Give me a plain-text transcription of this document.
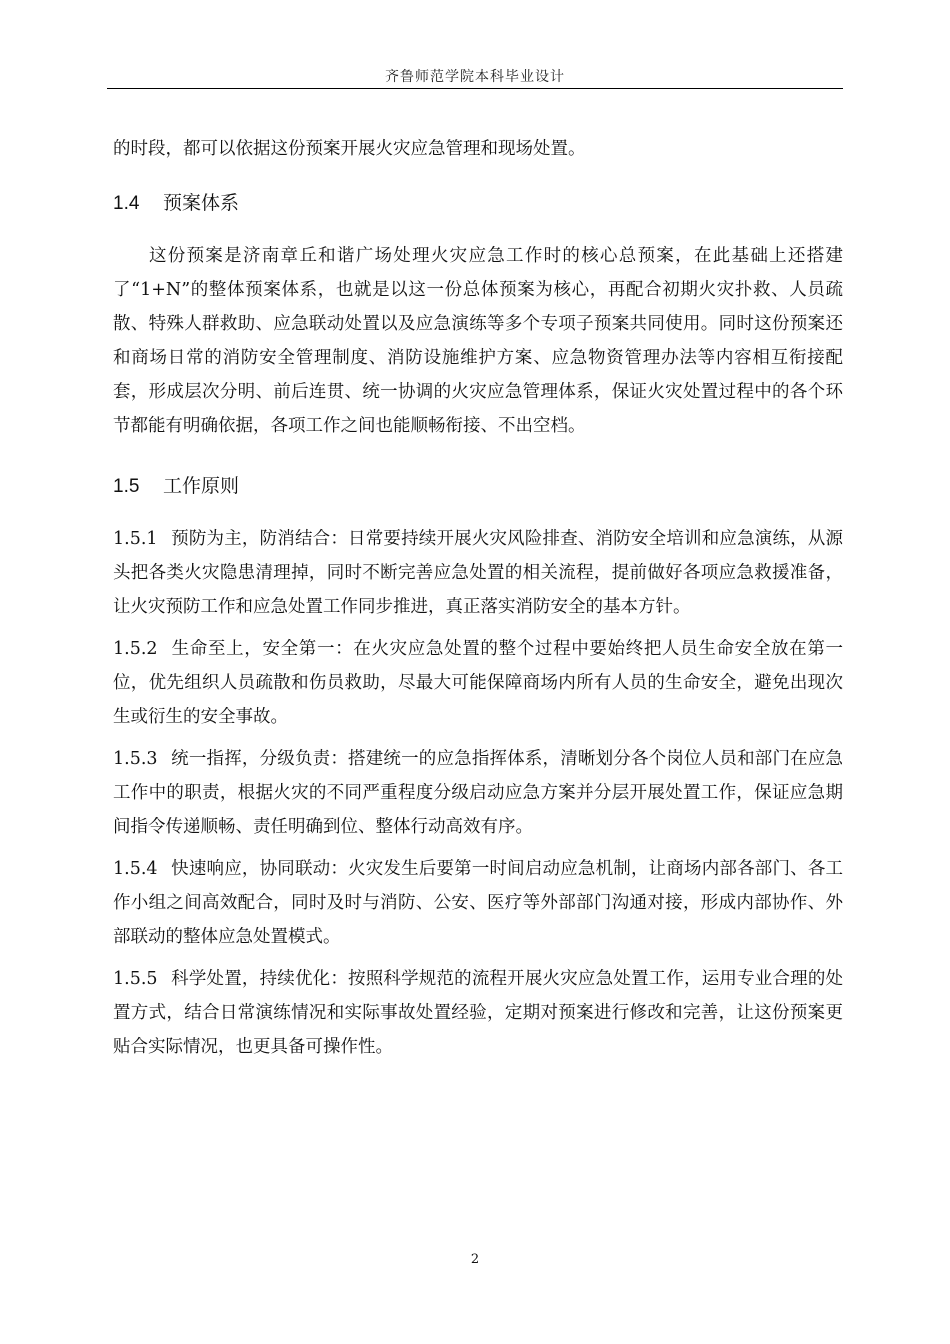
齐鲁师范学院本科毕业设计

的时段，都可以依据这份预案开展火灾应急管理和现场处置。

1.4 预案体系

这份预案是济南章丘和谐广场处理火灾应急工作时的核心总预案，在此基础上还搭建了“1+N”的整体预案体系，也就是以这一份总体预案为核心，再配合初期火灾扑救、人员疏散、特殊人群救助、应急联动处置以及应急演练等多个专项子预案共同使用。同时这份预案还和商场日常的消防安全管理制度、消防设施维护方案、应急物资管理办法等内容相互衔接配套，形成层次分明、前后连贯、统一协调的火灾应急管理体系，保证火灾处置过程中的各个环节都能有明确依据，各项工作之间也能顺畅衔接、不出空档。

1.5 工作原则

1.5.1 预防为主，防消结合：日常要持续开展火灾风险排查、消防安全培训和应急演练，从源头把各类火灾隐患清理掉，同时不断完善应急处置的相关流程，提前做好各项应急救援准备，让火灾预防工作和应急处置工作同步推进，真正落实消防安全的基本方针。

1.5.2 生命至上，安全第一：在火灾应急处置的整个过程中要始终把人员生命安全放在第一位，优先组织人员疏散和伤员救助，尽最大可能保障商场内所有人员的生命安全，避免出现次生或衍生的安全事故。

1.5.3 统一指挥，分级负责：搭建统一的应急指挥体系，清晰划分各个岗位人员和部门在应急工作中的职责，根据火灾的不同严重程度分级启动应急方案并分层开展处置工作，保证应急期间指令传递顺畅、责任明确到位、整体行动高效有序。

1.5.4 快速响应，协同联动：火灾发生后要第一时间启动应急机制，让商场内部各部门、各工作小组之间高效配合，同时及时与消防、公安、医疗等外部部门沟通对接，形成内部协作、外部联动的整体应急处置模式。

1.5.5 科学处置，持续优化：按照科学规范的流程开展火灾应急处置工作，运用专业合理的处置方式，结合日常演练情况和实际事故处置经验，定期对预案进行修改和完善，让这份预案更贴合实际情况，也更具备可操作性。

2
